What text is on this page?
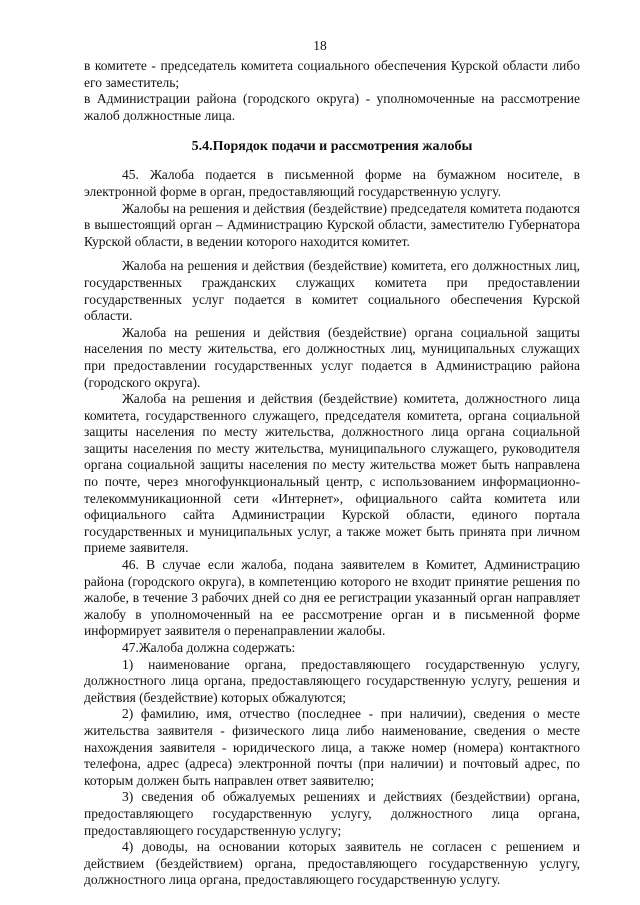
18

в комитете - председатель комитета социального обеспечения Курской области либо его заместитель;

в Администрации района (городского округа) - уполномоченные на рассмотрение жалоб должностные лица.

5.4.Порядок подачи и рассмотрения жалобы

45. Жалоба подается в письменной форме на бумажном носителе, в электронной форме в орган, предоставляющий государственную услугу.

Жалобы на решения и действия (бездействие) председателя комитета подаются в вышестоящий орган – Администрацию Курской области, заместителю Губернатора Курской области, в ведении которого находится комитет.

Жалоба на решения и действия (бездействие) комитета, его должностных лиц, государственных гражданских служащих комитета при предоставлении государственных услуг подается в комитет социального обеспечения Курской области.

Жалоба на решения и действия (бездействие) органа социальной защиты населения по месту жительства, его должностных лиц, муниципальных служащих при предоставлении государственных услуг подается в Администрацию района (городского округа).

Жалоба на решения и действия (бездействие) комитета, должностного лица комитета, государственного служащего, председателя комитета, органа социальной защиты населения по месту жительства, должностного лица органа социальной защиты населения по месту жительства, муниципального служащего, руководителя органа социальной защиты населения по месту жительства может быть направлена по почте, через многофункциональный центр, с использованием информационно-телекоммуникационной сети «Интернет», официального сайта комитета или официального сайта Администрации Курской области, единого портала государственных и муниципальных услуг, а также может быть принята при личном приеме заявителя.

46. В случае если жалоба, подана заявителем в Комитет, Администрацию района (городского округа), в компетенцию которого не входит принятие решения по жалобе, в течение 3 рабочих дней со дня ее регистрации указанный орган направляет жалобу в уполномоченный на ее рассмотрение орган и в письменной форме информирует заявителя о перенаправлении жалобы.

47.Жалоба должна содержать:

1) наименование органа, предоставляющего государственную услугу, должностного лица органа, предоставляющего государственную услугу, решения и действия (бездействие) которых обжалуются;

2) фамилию, имя, отчество (последнее - при наличии), сведения о месте жительства заявителя - физического лица либо наименование, сведения о месте нахождения заявителя - юридического лица, а также номер (номера) контактного телефона, адрес (адреса) электронной почты (при наличии) и почтовый адрес, по которым должен быть направлен ответ заявителю;

3) сведения об обжалуемых решениях и действиях (бездействии) органа, предоставляющего государственную услугу, должностного лица органа, предоставляющего государственную услугу;

4) доводы, на основании которых заявитель не согласен с решением и действием (бездействием) органа, предоставляющего государственную услугу, должностного лица органа, предоставляющего государственную услугу.
